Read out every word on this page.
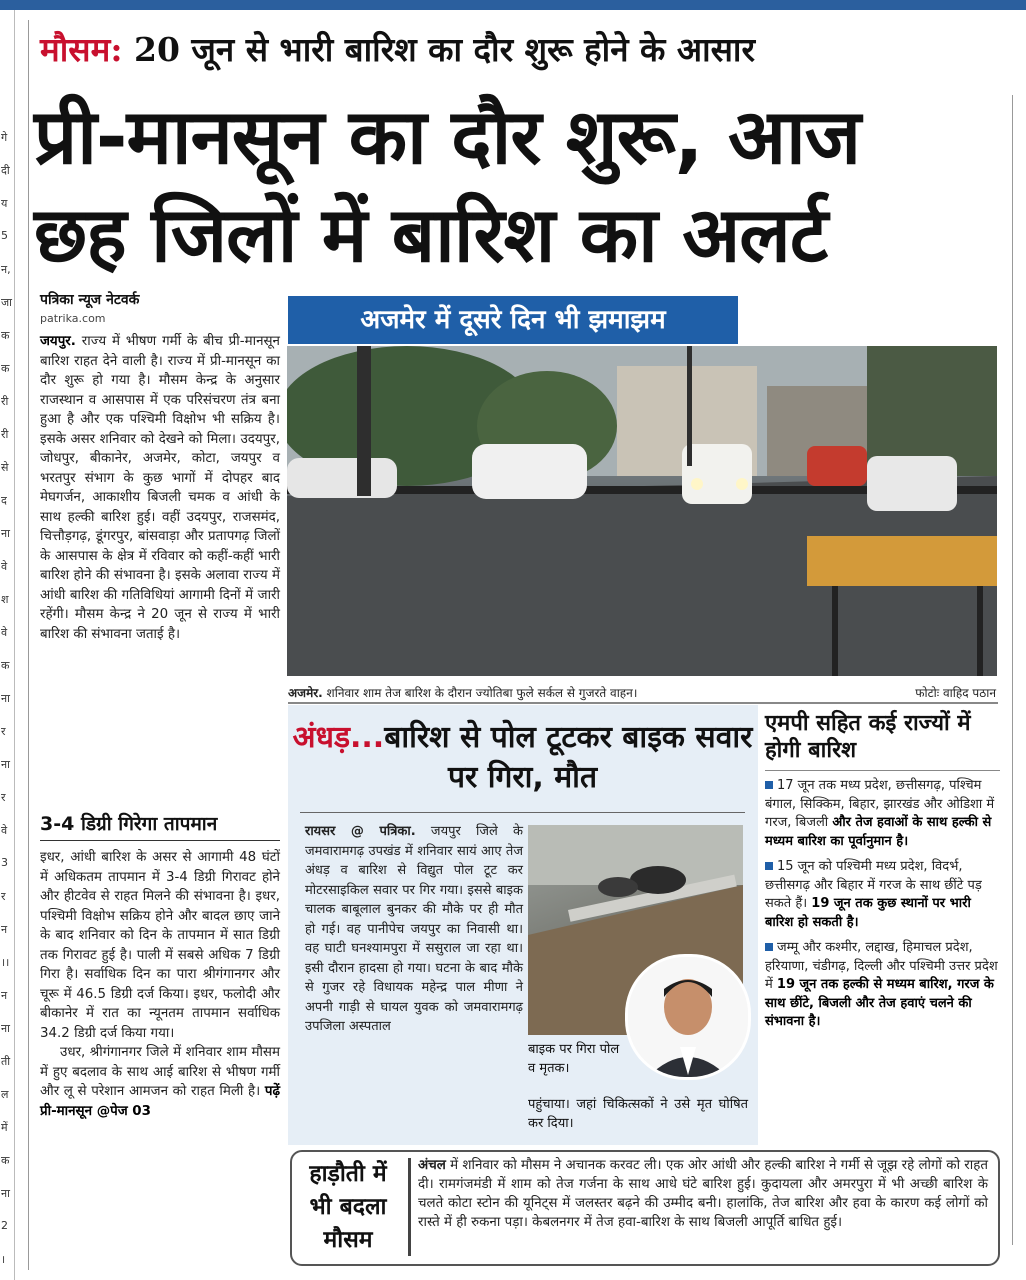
गे
दी
य
5
न,
जा
क
क
री
री
से
द
ना
वे
श
वे
क
ना
र
ना
र
वे
3
र
न
।।
न
ना
ती
ल
में
क
ना
2
।
मौसम: 20 जून से भारी बारिश का दौर शुरू होने के आसार
प्री-मानसून का दौर शुरू, आज
छह जिलों में बारिश का अलर्ट
पत्रिका न्यूज नेटवर्क
patrika.com
जयपुर. राज्य में भीषण गर्मी के बीच प्री-मानसून बारिश राहत देने वाली है। राज्य में प्री-मानसून का दौर शुरू हो गया है। मौसम केन्द्र के अनुसार राजस्थान व आसपास में एक परिसंचरण तंत्र बना हुआ है और एक पश्चिमी विक्षोभ भी सक्रिय है। इसके असर शनिवार को देखने को मिला। उदयपुर, जोधपुर, बीकानेर, अजमेर, कोटा, जयपुर व भरतपुर संभाग के कुछ भागों में दोपहर बाद मेघगर्जन, आकाशीय बिजली चमक व आंधी के साथ हल्की बारिश हुई। वहीं उदयपुर, राजसमंद, चित्तौड़गढ़, डूंगरपुर, बांसवाड़ा और प्रतापगढ़ जिलों के आसपास के क्षेत्र में रविवार को कहीं-कहीं भारी बारिश होने की संभावना है। इसके अलावा राज्य में आंधी बारिश की गतिविधियां आगामी दिनों में जारी रहेंगी। मौसम केन्द्र ने 20 जून से राज्य में भारी बारिश की संभावना जताई है।
3-4 डिग्री गिरेगा तापमान
इधर, आंधी बारिश के असर से आगामी 48 घंटों में अधिकतम तापमान में 3-4 डिग्री गिरावट होने और हीटवेव से राहत मिलने की संभावना है। इधर, पश्चिमी विक्षोभ सक्रिय होने और बादल छाए जाने के बाद शनिवार को दिन के तापमान में सात डिग्री तक गिरावट हुई है। पाली में सबसे अधिक 7 डिग्री गिरा है। सर्वाधिक दिन का पारा श्रीगंगानगर और चूरू में 46.5 डिग्री दर्ज किया। इधर, फलोदी और बीकानेर में रात का न्यूनतम तापमान सर्वाधिक 34.2 डिग्री दर्ज किया गया।
उधर, श्रीगंगानगर जिले में शनिवार शाम मौसम में हुए बदलाव के साथ आई बारिश से भीषण गर्मी और लू से परेशान आमजन को राहत मिली है। पढ़ें प्री-मानसून @पेज 03
अजमेर में दूसरे दिन भी झमाझम
अजमेर. शनिवार शाम तेज बारिश के दौरान ज्योतिबा फुले सर्कल से गुजरते वाहन।	फोटोः वाहिद पठान
अंधड़...बारिश से पोल टूटकर बाइक सवार पर गिरा, मौत
रायसर @ पत्रिका. जयपुर जिले के जमवारामगढ़ उपखंड में शनिवार सायं आए तेज अंधड़ व बारिश से विद्युत पोल टूट कर मोटरसाइकिल सवार पर गिर गया। इससे बाइक चालक बाबूलाल बुनकर की मौके पर ही मौत हो गई। वह पानीपेच जयपुर का निवासी था। वह घाटी घनश्यामपुरा में ससुराल जा रहा था। इसी दौरान हादसा हो गया। घटना के बाद मौके से गुजर रहे विधायक महेन्द्र पाल मीणा ने अपनी गाड़ी से घायल युवक को जमवारामगढ़ उपजिला अस्पताल
बाइक पर गिरा पोल व मृतक।
पहुंचाया। जहां चिकित्सकों ने उसे मृत घोषित कर दिया।
एमपी सहित कई राज्यों में होगी बारिश
17 जून तक मध्य प्रदेश, छत्तीसगढ़, पश्चिम बंगाल, सिक्किम, बिहार, झारखंड और ओडिशा में गरज, बिजली और तेज हवाओं के साथ हल्की से मध्यम बारिश का पूर्वानुमान है।
15 जून को पश्चिमी मध्य प्रदेश, विदर्भ, छत्तीसगढ़ और बिहार में गरज के साथ छींटे पड़ सकते हैं। 19 जून तक कुछ स्थानों पर भारी बारिश हो सकती है।
जम्मू और कश्मीर, लद्दाख, हिमाचल प्रदेश, हरियाणा, चंडीगढ़, दिल्ली और पश्चिमी उत्तर प्रदेश में 19 जून तक हल्की से मध्यम बारिश, गरज के साथ छींटे, बिजली और तेज हवाएं चलने की संभावना है।
हाड़ौती में भी बदला मौसम
अंचल में शनिवार को मौसम ने अचानक करवट ली। एक ओर आंधी और हल्की बारिश ने गर्मी से जूझ रहे लोगों को राहत दी। रामगंजमंडी में शाम को तेज गर्जना के साथ आधे घंटे बारिश हुई। कुदायला और अमरपुरा में भी अच्छी बारिश के चलते कोटा स्टोन की यूनिट्स में जलस्तर बढ़ने की उम्मीद बनी। हालांकि, तेज बारिश और हवा के कारण कई लोगों को रास्ते में ही रुकना पड़ा। केबलनगर में तेज हवा-बारिश के साथ बिजली आपूर्ति बाधित हुई।
